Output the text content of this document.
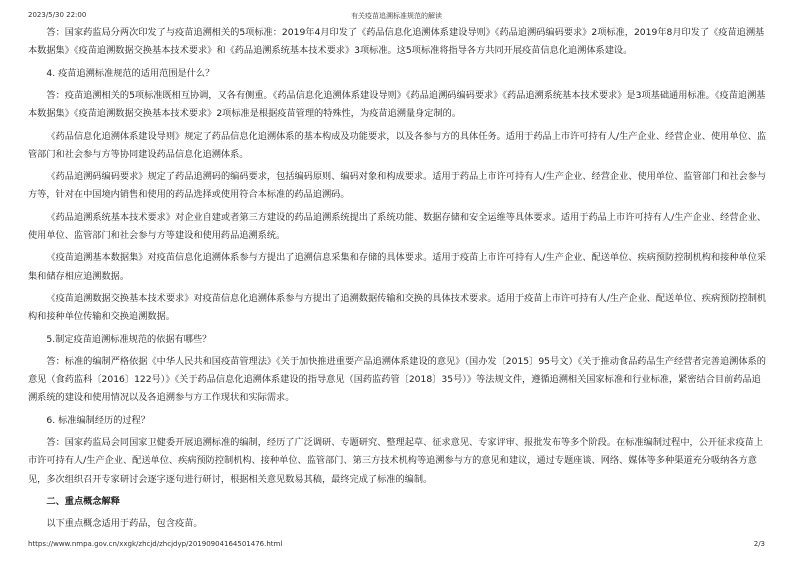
2023/5/30 22:00	有关疫苗追溯标准规范的解读

答：国家药监局分两次印发了与疫苗追溯相关的5项标准：2019年4月印发了《药品信息化追溯体系建设导则》《药品追溯码编码要求》2项标准，2019年8月印发了《疫苗追溯基本数据集》《疫苗追溯数据交换基本技术要求》和《药品追溯系统基本技术要求》3项标准。这5项标准将指导各方共同开展疫苗信息化追溯体系建设。

4. 疫苗追溯标准规范的适用范围是什么？

答：疫苗追溯相关的5项标准既相互协调，又各有侧重。《药品信息化追溯体系建设导则》《药品追溯码编码要求》《药品追溯系统基本技术要求》是3项基础通用标准。《疫苗追溯基本数据集》《疫苗追溯数据交换基本技术要求》2项标准是根据疫苗管理的特殊性，为疫苗追溯量身定制的。

《药品信息化追溯体系建设导则》规定了药品信息化追溯体系的基本构成及功能要求，以及各参与方的具体任务。适用于药品上市许可持有人/生产企业、经营企业、使用单位、监管部门和社会参与方等协同建设药品信息化追溯体系。

《药品追溯码编码要求》规定了药品追溯码的编码要求，包括编码原则、编码对象和构成要求。适用于药品上市许可持有人/生产企业、经营企业、使用单位、监管部门和社会参与方等，针对在中国境内销售和使用的药品选择或使用符合本标准的药品追溯码。

《药品追溯系统基本技术要求》对企业自建或者第三方建设的药品追溯系统提出了系统功能、数据存储和安全运维等具体要求。适用于药品上市许可持有人/生产企业、经营企业、使用单位、监管部门和社会参与方等建设和使用药品追溯系统。

《疫苗追溯基本数据集》对疫苗信息化追溯体系参与方提出了追溯信息采集和存储的具体要求。适用于疫苗上市许可持有人/生产企业、配送单位、疾病预防控制机构和接种单位采集和储存相应追溯数据。

《疫苗追溯数据交换基本技术要求》对疫苗信息化追溯体系参与方提出了追溯数据传输和交换的具体技术要求。适用于疫苗上市许可持有人/生产企业、配送单位、疾病预防控制机构和接种单位传输和交换追溯数据。

5.制定疫苗追溯标准规范的依据有哪些？

答：标准的编制严格依据《中华人民共和国疫苗管理法》《关于加快推进重要产品追溯体系建设的意见》（国办发〔2015〕95号文）《关于推动食品药品生产经营者完善追溯体系的意见（食药监科〔2016〕122号）》《关于药品信息化追溯体系建设的指导意见（国药监药管〔2018〕35号）》等法规文件，遵循追溯相关国家标准和行业标准，紧密结合目前药品追溯系统的建设和使用情况以及各追溯参与方工作现状和实际需求。

6. 标准编制经历的过程？

答：国家药监局会同国家卫健委开展追溯标准的编制，经历了广泛调研、专题研究、整理起草、征求意见、专家评审、报批发布等多个阶段。在标准编制过程中，公开征求疫苗上市许可持有人/生产企业、配送单位、疾病预防控制机构、接种单位、监管部门、第三方技术机构等追溯参与方的意见和建议，通过专题座谈、网络、媒体等多种渠道充分吸纳各方意见，多次组织召开专家研讨会逐字逐句进行研讨，根据相关意见数易其稿，最终完成了标准的编制。

二、重点概念解释

以下重点概念适用于药品，包含疫苗。

https://www.nmpa.gov.cn/xxgk/zhcjd/zhcjdyp/20190904164501476.html	2/3
